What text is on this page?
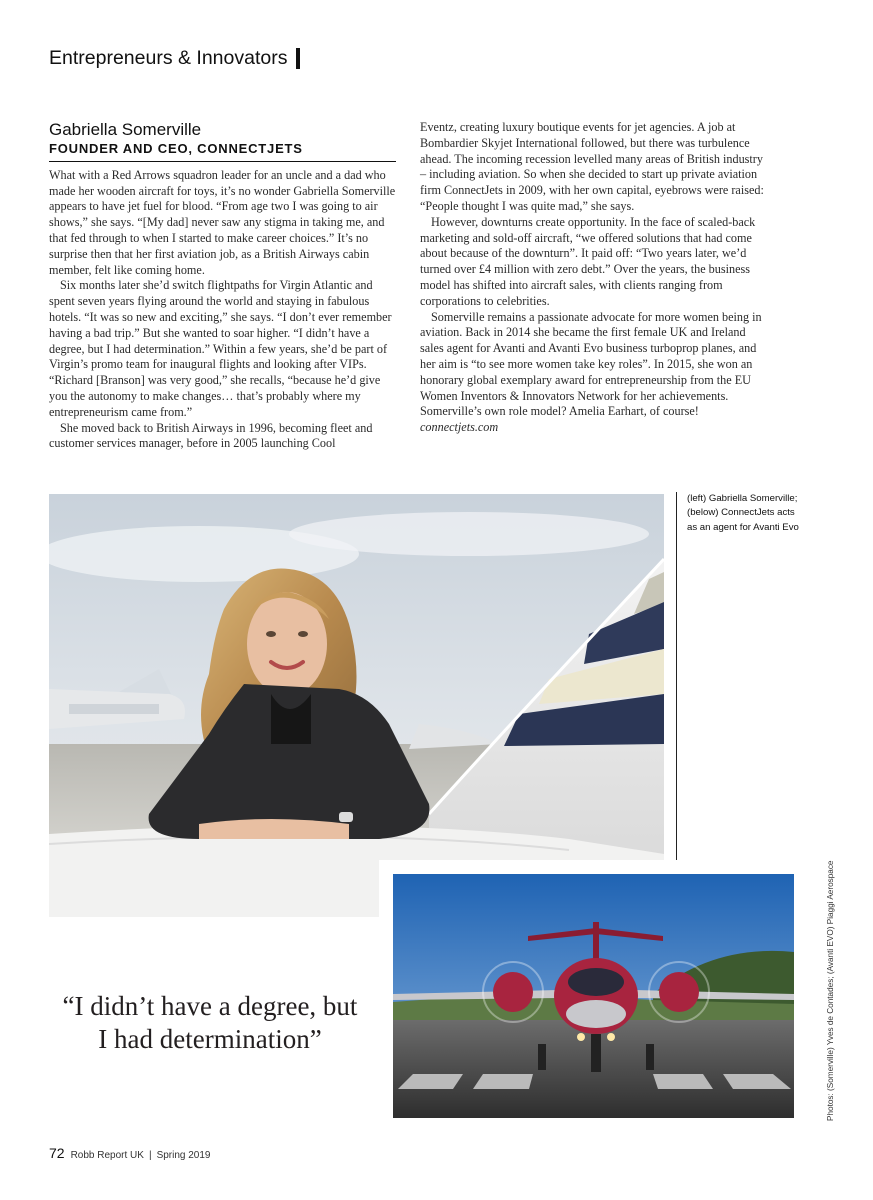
Entrepreneurs & Innovators
Gabriella Somerville
FOUNDER AND CEO, CONNECTJETS

What with a Red Arrows squadron leader for an uncle and a dad who made her wooden aircraft for toys, it’s no wonder Gabriella Somerville appears to have jet fuel for blood. “From age two I was going to air shows,” she says. “[My dad] never saw any stigma in taking me, and that fed through to when I started to make career choices.” It’s no surprise then that her first aviation job, as a British Airways cabin member, felt like coming home.

Six months later she’d switch flightpaths for Virgin Atlantic and spent seven years flying around the world and staying in fabulous hotels. “It was so new and exciting,” she says. “I don’t ever remember having a bad trip.” But she wanted to soar higher. “I didn’t have a degree, but I had determination.” Within a few years, she’d be part of Virgin’s promo team for inaugural flights and looking after VIPs. “Richard [Branson] was very good,” she recalls, “because he’d give you the autonomy to make changes… that’s probably where my entrepreneurism came from.”

She moved back to British Airways in 1996, becoming fleet and customer services manager, before in 2005 launching Cool

Eventz, creating luxury boutique events for jet agencies. A job at Bombardier Skyjet International followed, but there was turbulence ahead. The incoming recession levelled many areas of British industry – including aviation. So when she decided to start up private aviation firm ConnectJets in 2009, with her own capital, eyebrows were raised: “People thought I was quite mad,” she says.

However, downturns create opportunity. In the face of scaled-back marketing and sold-off aircraft, “we offered solutions that had come about because of the downturn”. It paid off: “Two years later, we’d turned over £4 million with zero debt.” Over the years, the business model has shifted into aircraft sales, with clients ranging from corporations to celebrities.

Somerville remains a passionate advocate for more women being in aviation. Back in 2014 she became the first female UK and Ireland sales agent for Avanti and Avanti Evo business turboprop planes, and her aim is “to see more women take key roles”. In 2015, she won an honorary global exemplary award for entrepreneurship from the EU Women Inventors & Innovators Network for her achievements. Somerville’s own role model? Amelia Earhart, of course!

connectjets.com

(left) Gabriella Somerville; (below) ConnectJets acts as an agent for Avanti Evo
“I didn’t have a degree, but I had determination”	Photos: (Somerville) Yves de Contades; (Avanti EVO) Piaggi Aerospace
72 Robb Report UK | Spring 2019
